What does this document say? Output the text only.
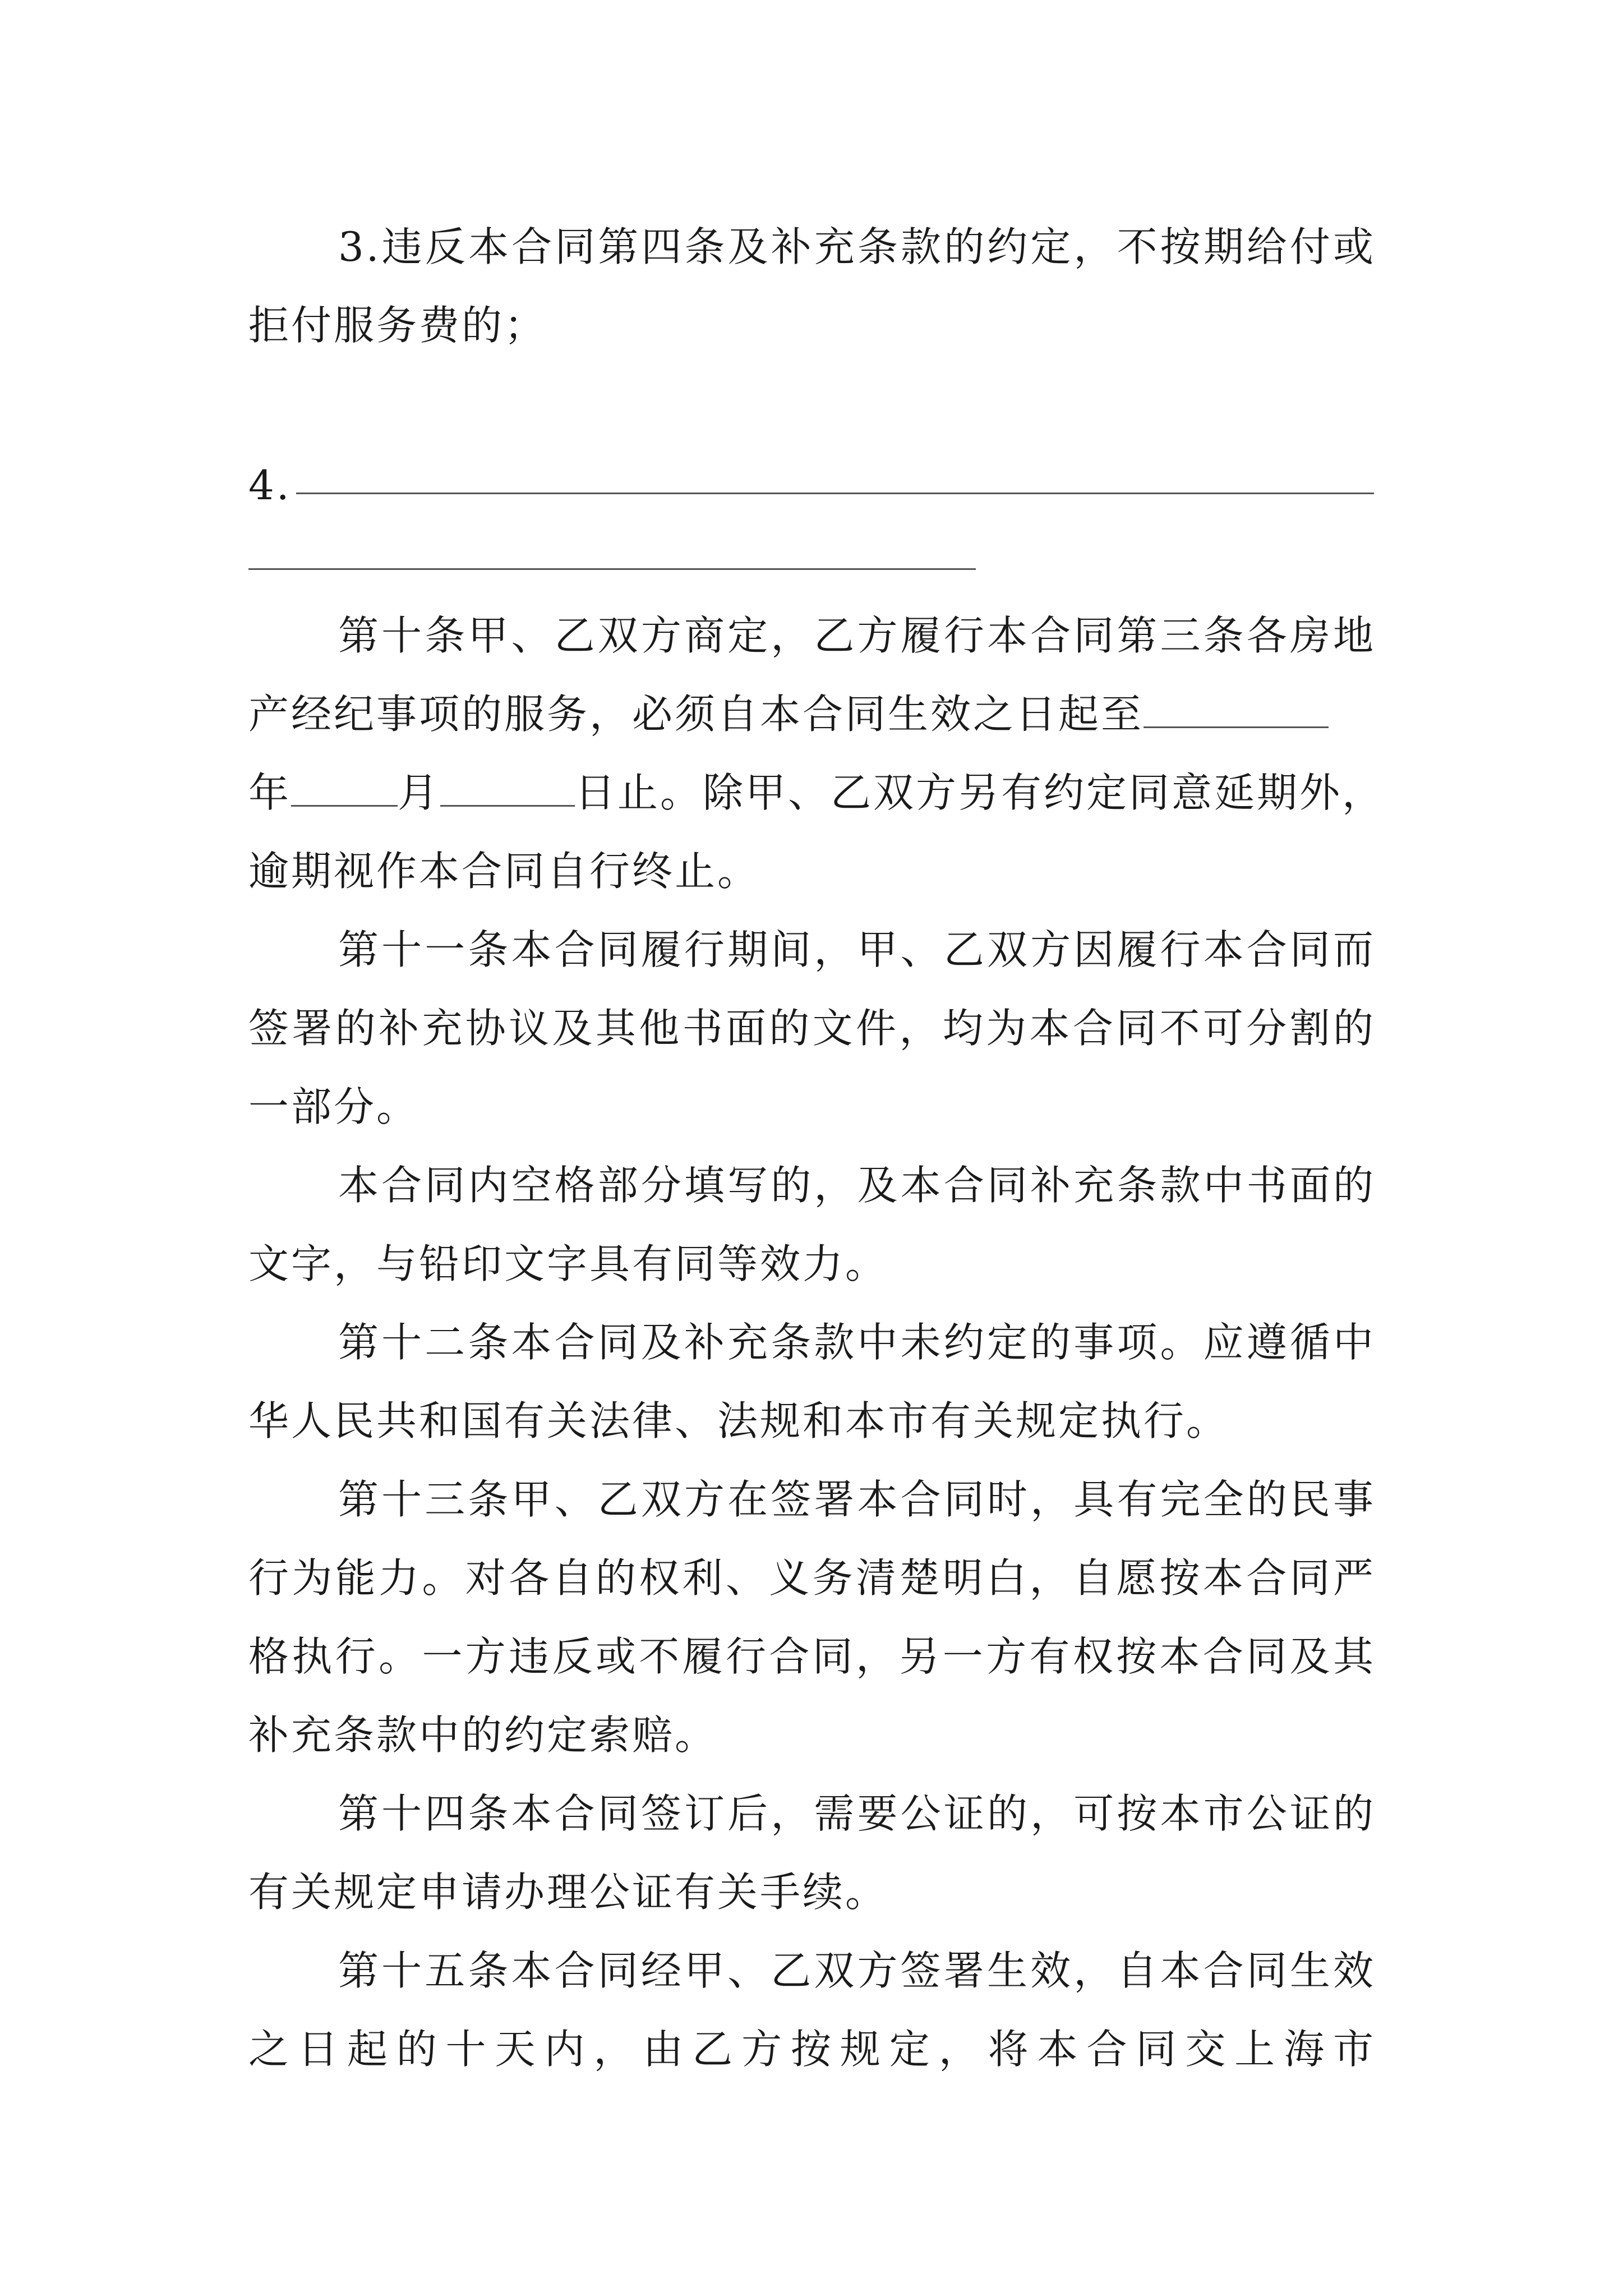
3.违反本合同第四条及补充条款的约定，不按期给付或
拒付服务费的；
4.
第十条甲、乙双方商定，乙方履行本合同第三条各房地
产经纪事项的服务，必须自本合同生效之日起至
年	月	日止。除甲、乙双方另有约定同意延期外，
逾期视作本合同自行终止。
第十一条本合同履行期间，甲、乙双方因履行本合同而
签署的补充协议及其他书面的文件，均为本合同不可分割的
一部分。
本合同内空格部分填写的，及本合同补充条款中书面的
文字，与铅印文字具有同等效力。
第十二条本合同及补充条款中未约定的事项。应遵循中
华人民共和国有关法律、法规和本市有关规定执行。
第十三条甲、乙双方在签署本合同时，具有完全的民事
行为能力。对各自的权利、义务清楚明白，自愿按本合同严
格执行。一方违反或不履行合同，另一方有权按本合同及其
补充条款中的约定索赔。
第十四条本合同签订后，需要公证的，可按本市公证的
有关规定申请办理公证有关手续。
第十五条本合同经甲、乙双方签署生效，自本合同生效
之日起的十天内，由乙方按规定，将本合同交上海市
